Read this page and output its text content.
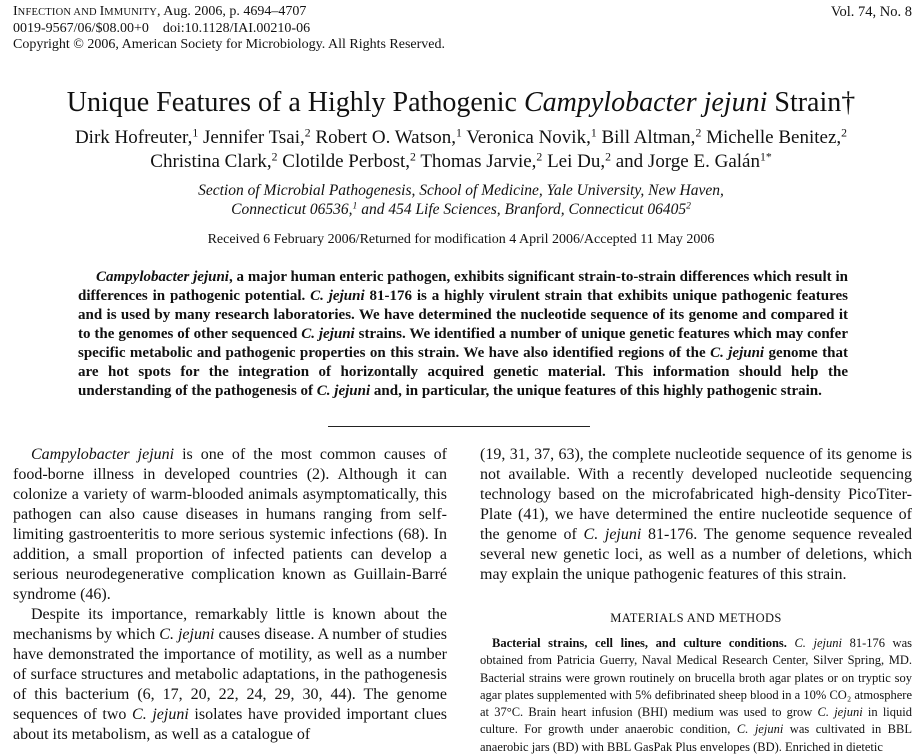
INFECTION AND IMMUNITY, Aug. 2006, p. 4694–4707
0019-9567/06/$08.00+0    doi:10.1128/IAI.00210-06
Copyright © 2006, American Society for Microbiology. All Rights Reserved.
Vol. 74, No. 8
Unique Features of a Highly Pathogenic Campylobacter jejuni Strain†
Dirk Hofreuter,$^1$ Jennifer Tsai,$^2$ Robert O. Watson,$^1$ Veronica Novik,$^1$ Bill Altman,$^2$ Michelle Benitez,$^2$
Christina Clark,$^2$ Clotilde Perbost,$^2$ Thomas Jarvie,$^2$ Lei Du,$^2$ and Jorge E. Galán$^{1*}$
Section of Microbial Pathogenesis, School of Medicine, Yale University, New Haven,
Connecticut 06536,$^1$ and 454 Life Sciences, Branford, Connecticut 06405$^2$
Received 6 February 2006/Returned for modification 4 April 2006/Accepted 11 May 2006
Campylobacter jejuni, a major human enteric pathogen, exhibits significant strain-to-strain differences which result in differences in pathogenic potential. C. jejuni 81-176 is a highly virulent strain that exhibits unique pathogenic features and is used by many research laboratories. We have determined the nucleotide sequence of its genome and compared it to the genomes of other sequenced C. jejuni strains. We identified a number of unique genetic features which may confer specific metabolic and pathogenic properties on this strain. We have also identified regions of the C. jejuni genome that are hot spots for the integration of horizontally acquired genetic material. This information should help the understanding of the pathogenesis of C. jejuni and, in particular, the unique features of this highly pathogenic strain.

Campylobacter jejuni is one of the most common causes of food-borne illness in developed countries (2). Although it can colonize a variety of warm-blooded animals asymptomatically, this pathogen can also cause diseases in humans ranging from self-limiting gastroenteritis to more serious systemic infections (68). In addition, a small proportion of infected patients can develop a serious neurodegenerative complication known as Guillain-Barré syndrome (46).

Despite its importance, remarkably little is known about the mechanisms by which C. jejuni causes disease. A number of studies have demonstrated the importance of motility, as well as a number of surface structures and metabolic adaptations, in the pathogenesis of this bacterium (6, 17, 20, 22, 24, 29, 30, 44). The genome sequences of two C. jejuni isolates have provided important clues about its metabolism, as well as a catalogue of

(19, 31, 37, 63), the complete nucleotide sequence of its genome is not available. With a recently developed nucleotide sequencing technology based on the microfabricated high-density PicoTiter-Plate (41), we have determined the entire nucleotide sequence of the genome of C. jejuni 81-176. The genome sequence revealed several new genetic loci, as well as a number of deletions, which may explain the unique pathogenic features of this strain.

MATERIALS AND METHODS
Bacterial strains, cell lines, and culture conditions. C. jejuni 81-176 was obtained from Patricia Guerry, Naval Medical Research Center, Silver Spring, MD. Bacterial strains were grown routinely on brucella broth agar plates or on tryptic soy agar plates supplemented with 5% defibrinated sheep blood in a 10% CO₂ atmosphere at 37°C. Brain heart infusion (BHI) medium was used to grow C. jejuni in liquid culture. For growth under anaerobic condition, C. jejuni was cultivated in BBL anaerobic jars (BD) with BBL GasPak Plus envelopes (BD). Enriched in dietetic
